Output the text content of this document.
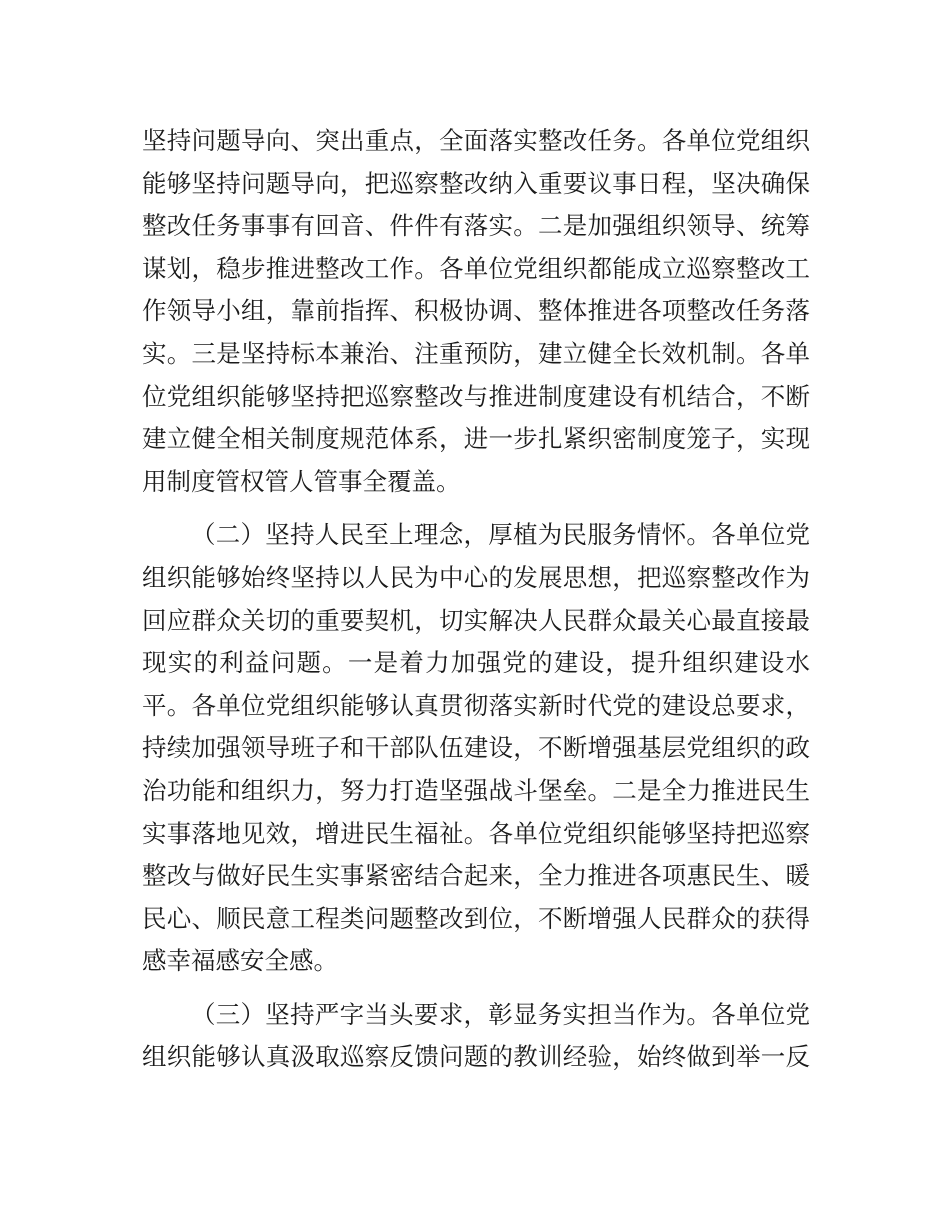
坚持问题导向、突出重点，全面落实整改任务。各单位党组织
能够坚持问题导向，把巡察整改纳入重要议事日程，坚决确保
整改任务事事有回音、件件有落实。二是加强组织领导、统筹
谋划，稳步推进整改工作。各单位党组织都能成立巡察整改工
作领导小组，靠前指挥、积极协调、整体推进各项整改任务落
实。三是坚持标本兼治、注重预防，建立健全长效机制。各单
位党组织能够坚持把巡察整改与推进制度建设有机结合，不断
建立健全相关制度规范体系，进一步扎紧织密制度笼子，实现
用制度管权管人管事全覆盖。

（二）坚持人民至上理念，厚植为民服务情怀。各单位党
组织能够始终坚持以人民为中心的发展思想，把巡察整改作为
回应群众关切的重要契机，切实解决人民群众最关心最直接最
现实的利益问题。一是着力加强党的建设，提升组织建设水
平。各单位党组织能够认真贯彻落实新时代党的建设总要求，
持续加强领导班子和干部队伍建设，不断增强基层党组织的政
治功能和组织力，努力打造坚强战斗堡垒。二是全力推进民生
实事落地见效，增进民生福祉。各单位党组织能够坚持把巡察
整改与做好民生实事紧密结合起来，全力推进各项惠民生、暖
民心、顺民意工程类问题整改到位，不断增强人民群众的获得
感幸福感安全感。

（三）坚持严字当头要求，彰显务实担当作为。各单位党
组织能够认真汲取巡察反馈问题的教训经验，始终做到举一反
